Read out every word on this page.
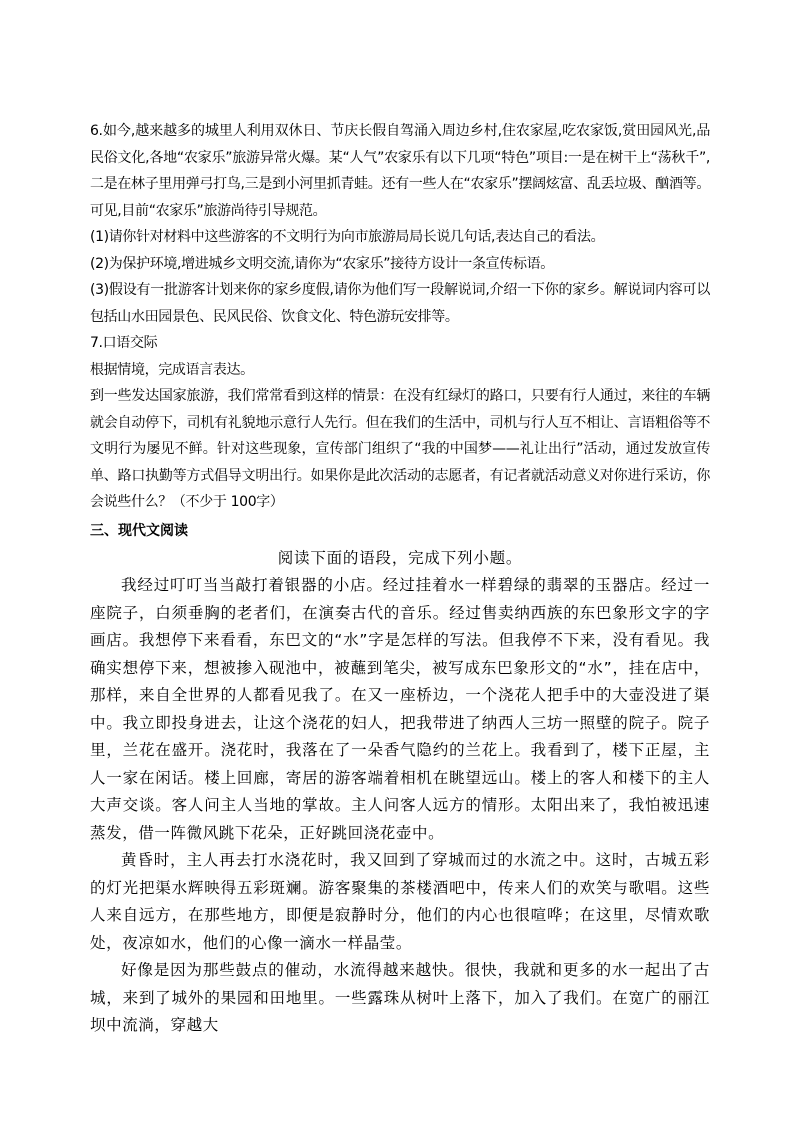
6.如今,越来越多的城里人利用双休日、节庆长假自驾涌入周边乡村,住农家屋,吃农家饭,赏田园风光,品民俗文化,各地“农家乐”旅游异常火爆。某“人气”农家乐有以下几项“特色”项目:一是在树干上“荡秋千”,二是在林子里用弹弓打鸟,三是到小河里抓青蛙。还有一些人在“农家乐”摆阔炫富、乱丢垃圾、酗酒等。可见,目前“农家乐”旅游尚待引导规范。

(1)请你针对材料中这些游客的不文明行为向市旅游局局长说几句话,表达自己的看法。

(2)为保护环境,增进城乡文明交流,请你为“农家乐”接待方设计一条宣传标语。

(3)假设有一批游客计划来你的家乡度假,请你为他们写一段解说词,介绍一下你的家乡。解说词内容可以包括山水田园景色、民风民俗、饮食文化、特色游玩安排等。

7.口语交际

根据情境，完成语言表达。

到一些发达国家旅游，我们常常看到这样的情景：在没有红绿灯的路口，只要有行人通过，来往的车辆就会自动停下，司机有礼貌地示意行人先行。但在我们的生活中，司机与行人互不相让、言语粗俗等不文明行为屡见不鲜。针对这些现象，宣传部门组织了“我的中国梦——礼让出行”活动，通过发放宣传单、路口执勤等方式倡导文明出行。如果你是此次活动的志愿者，有记者就活动意义对你进行采访，你会说些什么？（不少于 100字）

三、现代文阅读

阅读下面的语段，完成下列小题。

我经过叮叮当当敲打着银器的小店。经过挂着水一样碧绿的翡翠的玉器店。经过一座院子，白须垂胸的老者们，在演奏古代的音乐。经过售卖纳西族的东巴象形文字的字画店。我想停下来看看，东巴文的“水”字是怎样的写法。但我停不下来，没有看见。我确实想停下来，想被掺入砚池中，被蘸到笔尖，被写成东巴象形文的“水”，挂在店中，那样，来自全世界的人都看见我了。在又一座桥边，一个浇花人把手中的大壶没进了渠中。我立即投身进去，让这个浇花的妇人，把我带进了纳西人三坊一照壁的院子。院子里，兰花在盛开。浇花时，我落在了一朵香气隐约的兰花上。我看到了，楼下正屋，主人一家在闲话。楼上回廊，寄居的游客端着相机在眺望远山。楼上的客人和楼下的主人大声交谈。客人问主人当地的掌故。主人问客人远方的情形。太阳出来了，我怕被迅速蒸发，借一阵微风跳下花朵，正好跳回浇花壶中。

黄昏时，主人再去打水浇花时，我又回到了穿城而过的水流之中。这时，古城五彩的灯光把渠水辉映得五彩斑斓。游客聚集的茶楼酒吧中，传来人们的欢笑与歌唱。这些人来自远方，在那些地方，即便是寂静时分，他们的内心也很喧哗；在这里，尽情欢歌处，夜凉如水，他们的心像一滴水一样晶莹。

好像是因为那些鼓点的催动，水流得越来越快。很快，我就和更多的水一起出了古城，来到了城外的果园和田地里。一些露珠从树叶上落下，加入了我们。在宽广的丽江坝中流淌，穿越大
